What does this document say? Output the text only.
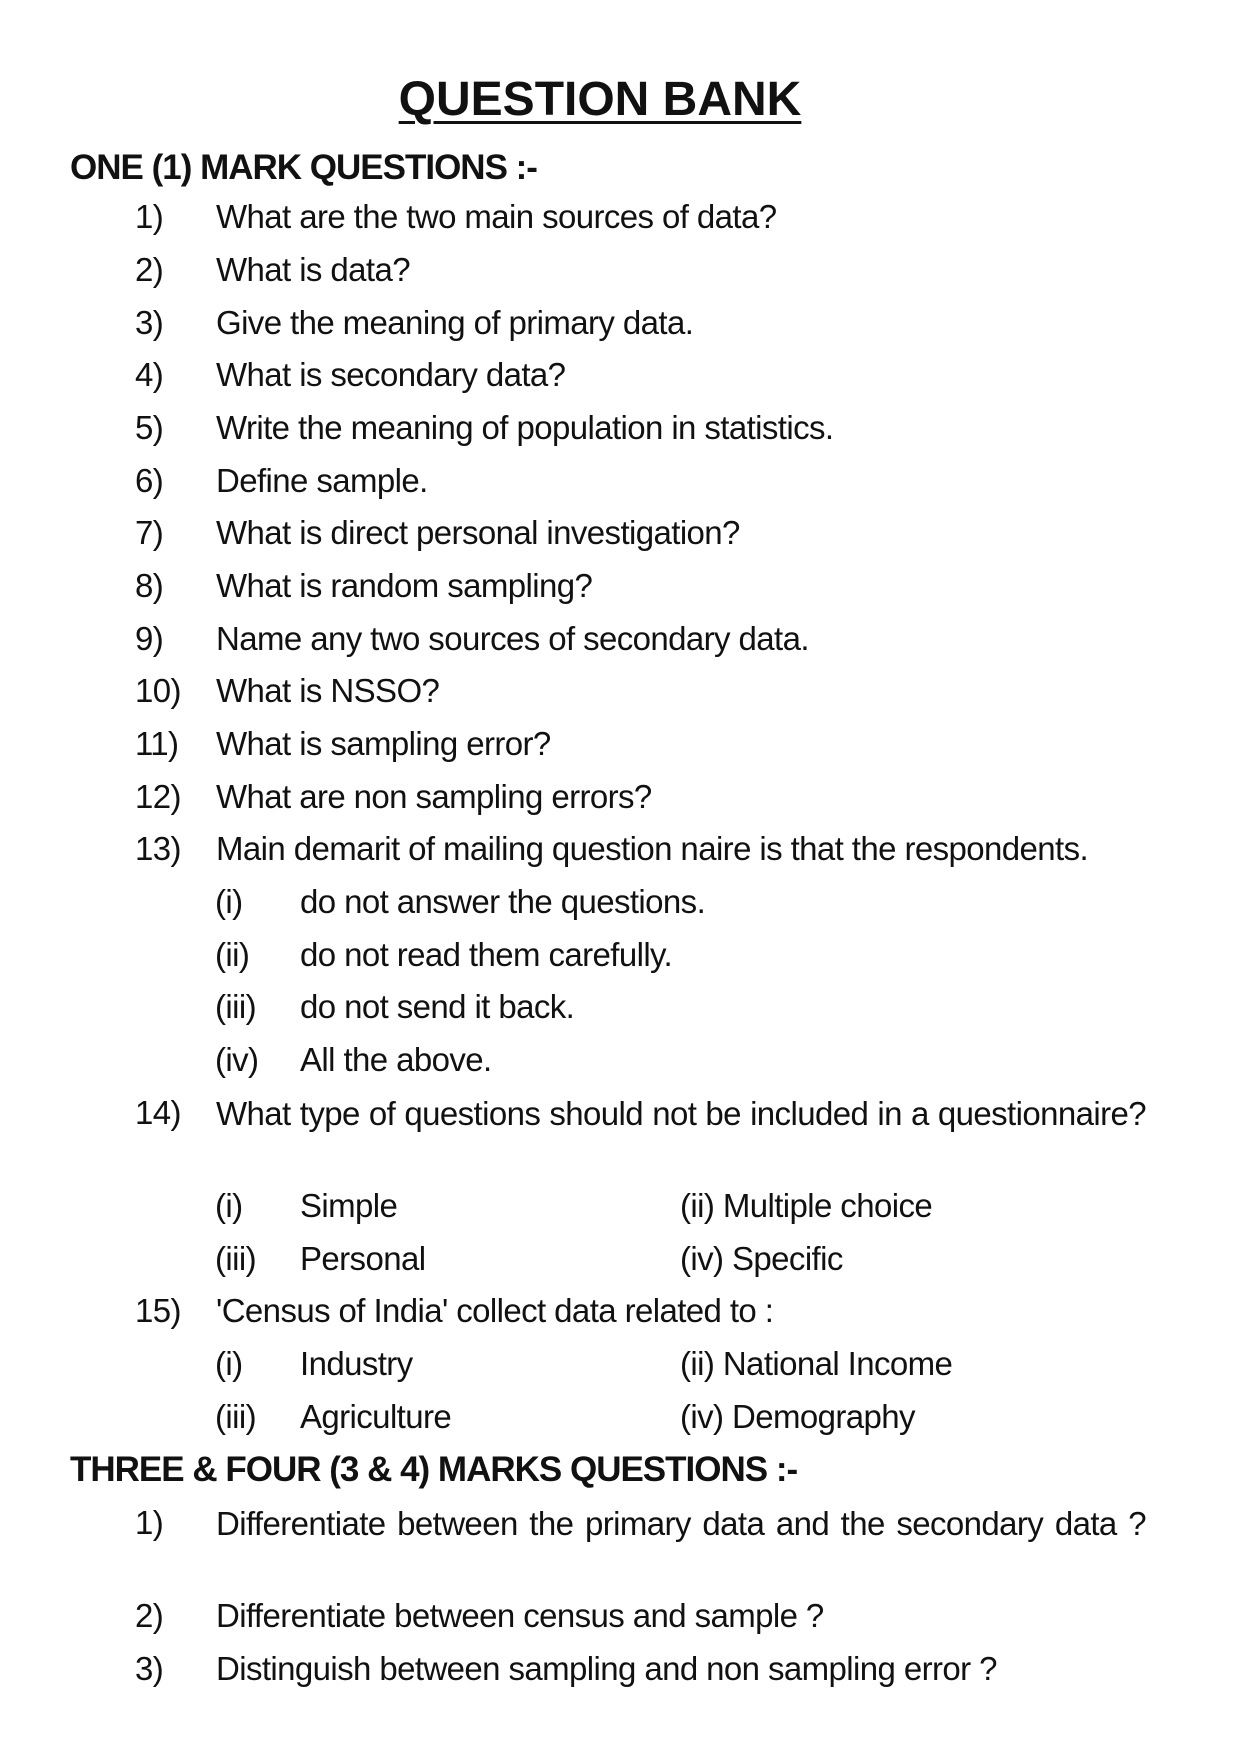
QUESTION BANK
ONE (1) MARK QUESTIONS :-
1) What are the two main sources of data?
2) What is data?
3) Give the meaning of primary data.
4) What is secondary data?
5) Write the meaning of population in statistics.
6) Define sample.
7) What is direct personal investigation?
8) What is random sampling?
9) Name any two sources of secondary data.
10) What is NSSO?
11) What is sampling error?
12) What are non sampling errors?
13) Main demarit of mailing question naire is that the respondents.
(i) do not answer the questions.
(ii) do not read them carefully.
(iii) do not send it back.
(iv) All the above.
14) What type of questions should not be included in a questionnaire?
(i) Simple	(ii) Multiple choice
(iii) Personal	(iv) Specific
15) 'Census of India' collect data related to :
(i) Industry	(ii) National Income
(iii) Agriculture	(iv) Demography
THREE & FOUR (3 & 4) MARKS QUESTIONS :-
1) Differentiate between the primary data and the secondary data ?
2) Differentiate between census and sample ?
3) Distinguish between sampling and non sampling error ?
